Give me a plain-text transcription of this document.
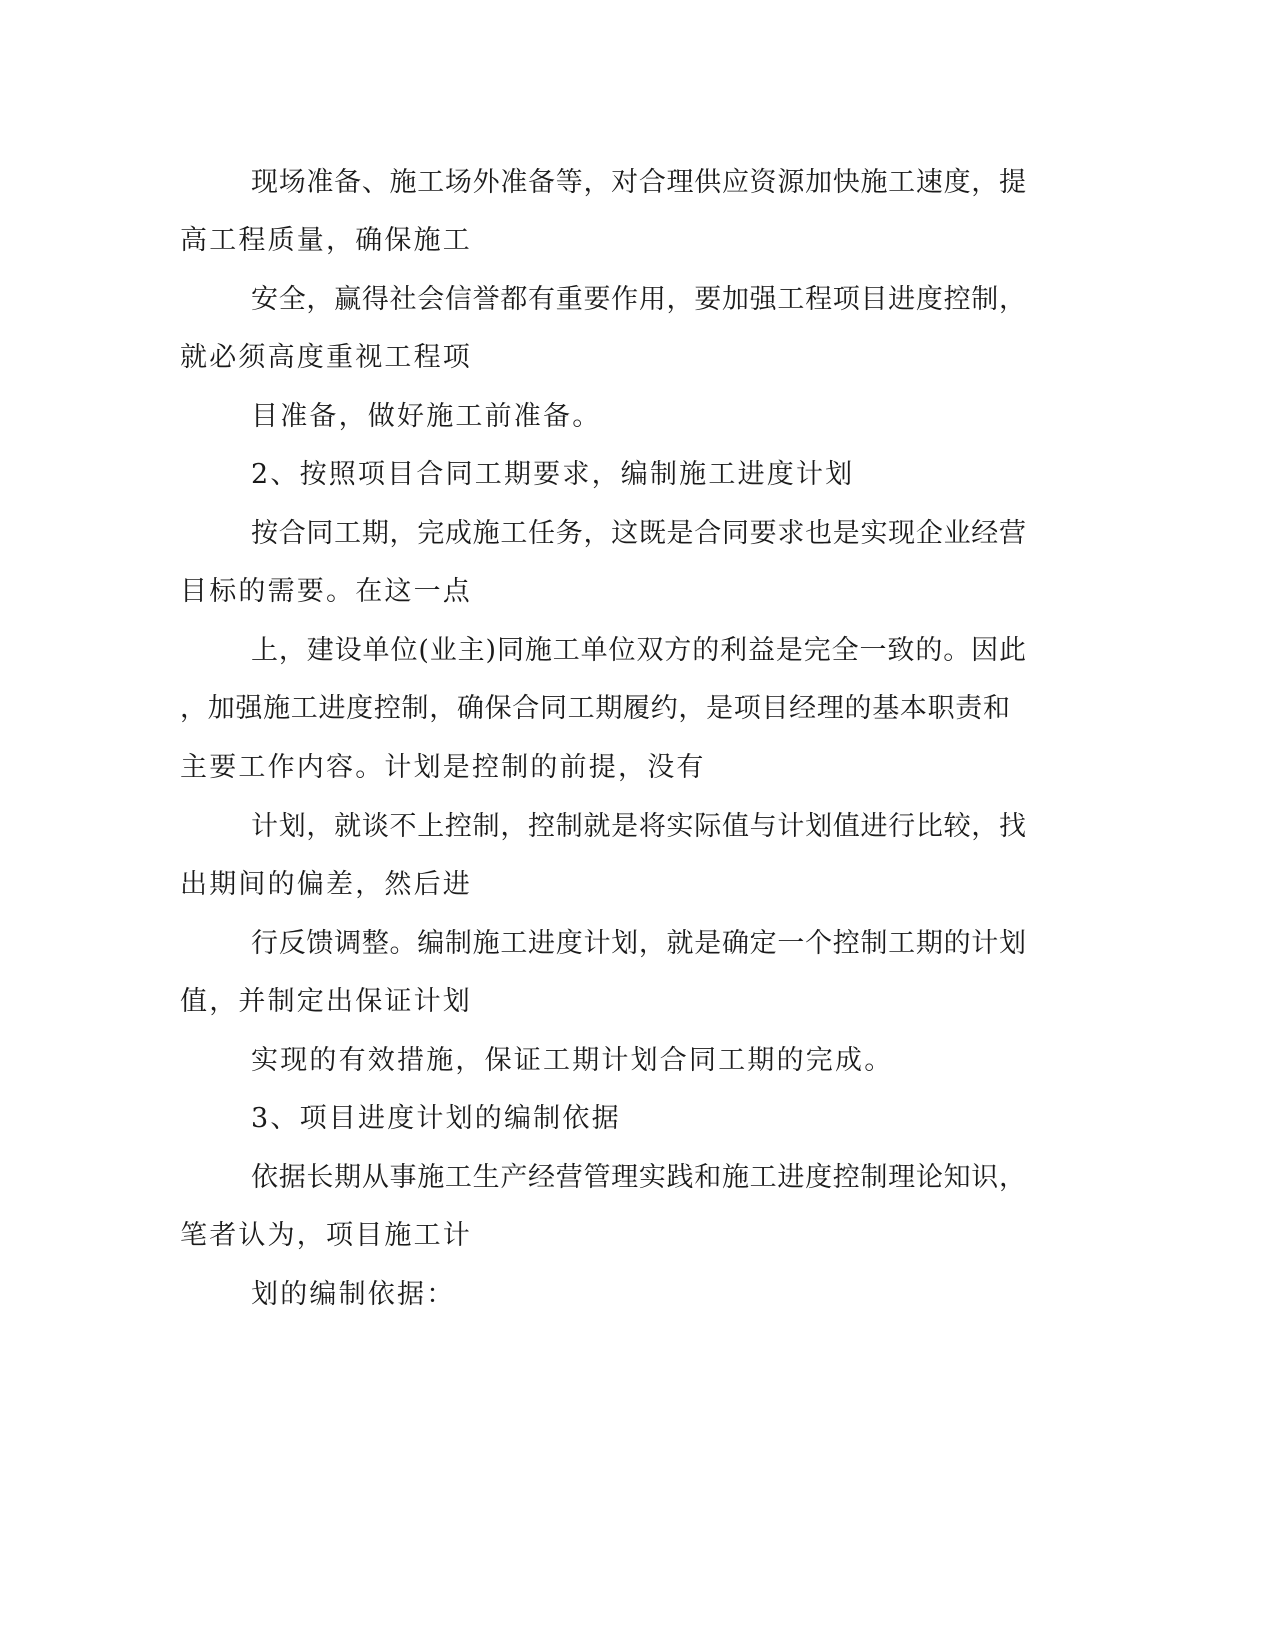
现场准备、施工场外准备等，对合理供应资源加快施工速度，提
高工程质量，确保施工
安全，赢得社会信誉都有重要作用，要加强工程项目进度控制，
就必须高度重视工程项
目准备，做好施工前准备。
2、按照项目合同工期要求，编制施工进度计划
按合同工期，完成施工任务，这既是合同要求也是实现企业经营
目标的需要。在这一点
上，建设单位(业主)同施工单位双方的利益是完全一致的。因此
，加强施工进度控制，确保合同工期履约，是项目经理的基本职责和
主要工作内容。计划是控制的前提，没有
计划，就谈不上控制，控制就是将实际值与计划值进行比较，找
出期间的偏差，然后进
行反馈调整。编制施工进度计划，就是确定一个控制工期的计划
值，并制定出保证计划
实现的有效措施，保证工期计划合同工期的完成。
3、项目进度计划的编制依据
依据长期从事施工生产经营管理实践和施工进度控制理论知识，
笔者认为，项目施工计
划的编制依据：
